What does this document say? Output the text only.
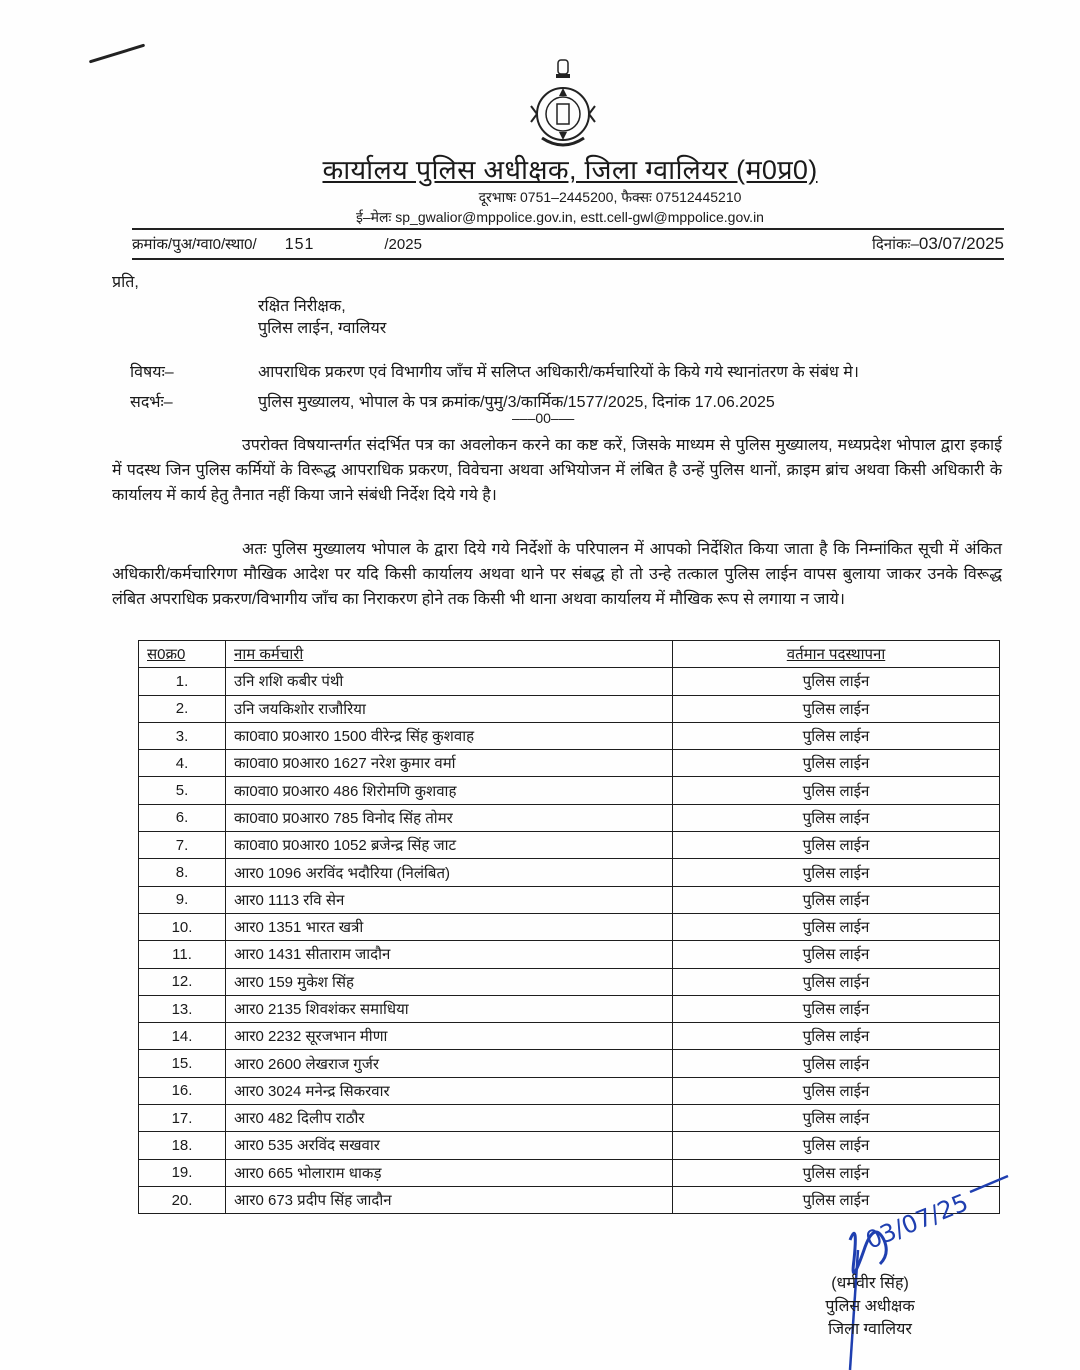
कार्यालय पुलिस अधीक्षक, जिला ग्वालियर (म0प्र0)
दूरभाषः 0751–2445200, फैक्सः 07512445210
ई–मेलः sp_gwalior@mppolice.gov.in, estt.cell-gwl@mppolice.gov.in
क्रमांक/पुअ/ग्वा0/स्था0/ 151	/2025	दिनांकः–03/07/2025
प्रति,
रक्षित निरीक्षक,
पुलिस लाईन, ग्वालियर
विषयः–	आपराधिक प्रकरण एवं विभागीय जाँच में सलिप्त अधिकारी/कर्मचारियों के किये गये स्थानांतरण के संबंध मे।
सदर्भः–	पुलिस मुख्यालय, भोपाल के पत्र क्रमांक/पुमु/3/कार्मिक/1577/2025, दिनांक 17.06.2025
–––00–––
उपरोक्त विषयान्तर्गत संदर्भित पत्र का अवलोकन करने का कष्ट करें, जिसके माध्यम से पुलिस मुख्यालय, मध्यप्रदेश भोपाल द्वारा इकाई में पदस्थ जिन पुलिस कर्मियों के विरूद्ध आपराधिक प्रकरण, विवेचना अथवा अभियोजन में लंबित है उन्हें पुलिस थानों, क्राइम ब्रांच अथवा किसी अधिकारी के कार्यालय में कार्य हेतु तैनात नहीं किया जाने संबंधी निर्देश दिये गये है।
अतः पुलिस मुख्यालय भोपाल के द्वारा दिये गये निर्देशों के परिपालन में आपको निर्देशित किया जाता है कि निम्नांकित सूची में अंकित अधिकारी/कर्मचारिगण मौखिक आदेश पर यदि किसी कार्यालय अथवा थाने पर संबद्ध हो तो उन्हे तत्काल पुलिस लाईन वापस बुलाया जाकर उनके विरूद्ध लंबित अपराधिक प्रकरण/विभागीय जाँच का निराकरण होने तक किसी भी थाना अथवा कार्यालय में मौखिक रूप से लगाया न जाये।
स0क्र0	नाम कर्मचारी	वर्तमान पदस्थापना
1.	उनि शशि कबीर पंथी	पुलिस लाईन
2.	उनि जयकिशोर राजौरिया	पुलिस लाईन
3.	का0वा0 प्र0आर0 1500 वीरेन्द्र सिंह कुशवाह	पुलिस लाईन
4.	का0वा0 प्र0आर0 1627 नरेश कुमार वर्मा	पुलिस लाईन
5.	का0वा0 प्र0आर0 486 शिरोमणि कुशवाह	पुलिस लाईन
6.	का0वा0 प्र0आर0 785 विनोद सिंह तोमर	पुलिस लाईन
7.	का0वा0 प्र0आर0 1052 ब्रजेन्द्र सिंह जाट	पुलिस लाईन
8.	आर0 1096 अरविंद भदौरिया (निलंबित)	पुलिस लाईन
9.	आर0 1113 रवि सेन	पुलिस लाईन
10.	आर0 1351 भारत खत्री	पुलिस लाईन
11.	आर0 1431 सीताराम जादौन	पुलिस लाईन
12.	आर0 159 मुकेश सिंह	पुलिस लाईन
13.	आर0 2135 शिवशंकर समाधिया	पुलिस लाईन
14.	आर0 2232 सूरजभान मीणा	पुलिस लाईन
15.	आर0 2600 लेखराज गुर्जर	पुलिस लाईन
16.	आर0 3024 मनेन्द्र सिकरवार	पुलिस लाईन
17.	आर0 482 दिलीप राठौर	पुलिस लाईन
18.	आर0 535 अरविंद सखवार	पुलिस लाईन
19.	आर0 665 भोलाराम धाकड़	पुलिस लाईन
20.	आर0 673 प्रदीप सिंह जादौन	पुलिस लाईन
03/07/25
(धर्मवीर सिंह)
पुलिस अधीक्षक
जिला ग्वालियर
